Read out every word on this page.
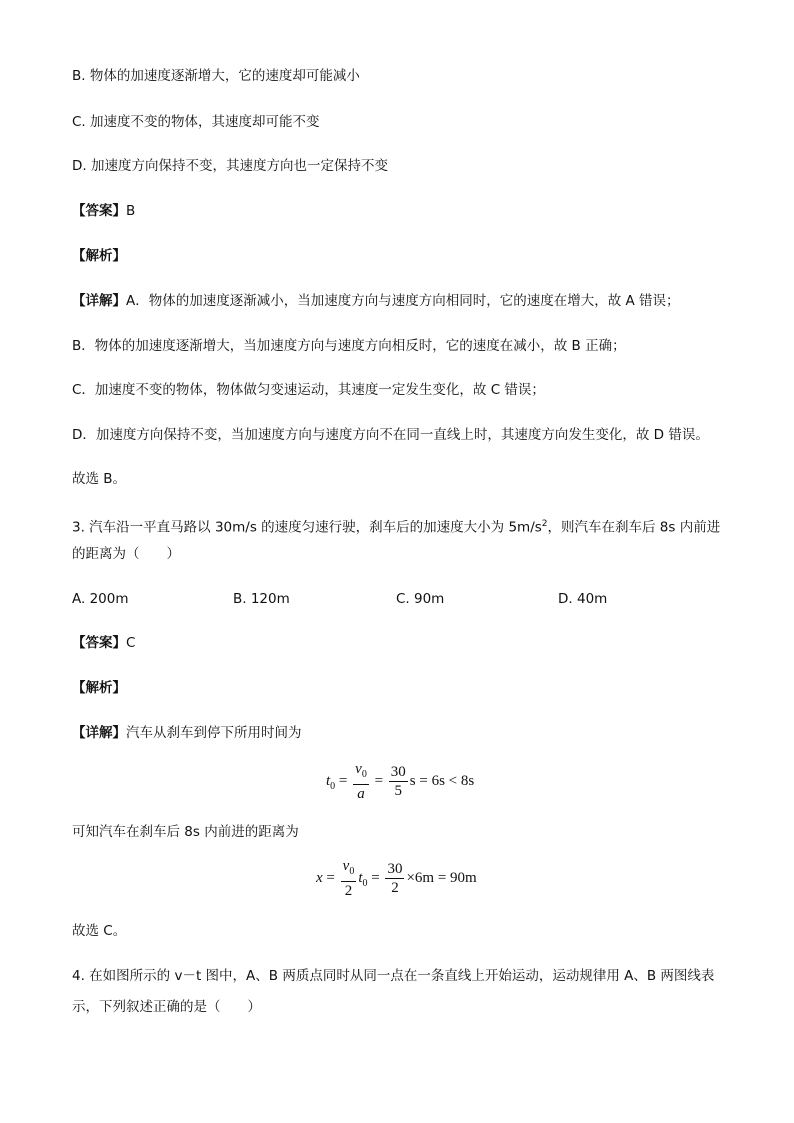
B. 物体的加速度逐渐增大，它的速度却可能减小
C. 加速度不变的物体，其速度却可能不变
D. 加速度方向保持不变，其速度方向也一定保持不变
【答案】B
【解析】
【详解】A．物体的加速度逐渐减小，当加速度方向与速度方向相同时，它的速度在增大，故 A 错误；
B．物体的加速度逐渐增大，当加速度方向与速度方向相反时，它的速度在减小，故 B 正确；
C．加速度不变的物体，物体做匀变速运动，其速度一定发生变化，故 C 错误；
D．加速度方向保持不变，当加速度方向与速度方向不在同一直线上时，其速度方向发生变化，故 D 错误。
故选 B。
3. 汽车沿一平直马路以 30m/s 的速度匀速行驶，刹车后的加速度大小为 $5m/s^2$，则汽车在刹车后 8s 内前进
的距离为（　　）
A. 200m	B. 120m	C. 90m	D. 40m
【答案】C
【解析】
【详解】汽车从刹车到停下所用时间为
$t_0 = \frac{v_0}{a} = \frac{30}{5}$ s = 6s < 8s
可知汽车在刹车后 8s 内前进的距离为
$x = \frac{v_0}{2} t_0 = \frac{30}{2} \times 6m = 90m$
故选 C。
4. 在如图所示的 v－t 图中，A、B 两质点同时从同一点在一条直线上开始运动，运动规律用 A、B 两图线表
示，下列叙述正确的是（　　）
